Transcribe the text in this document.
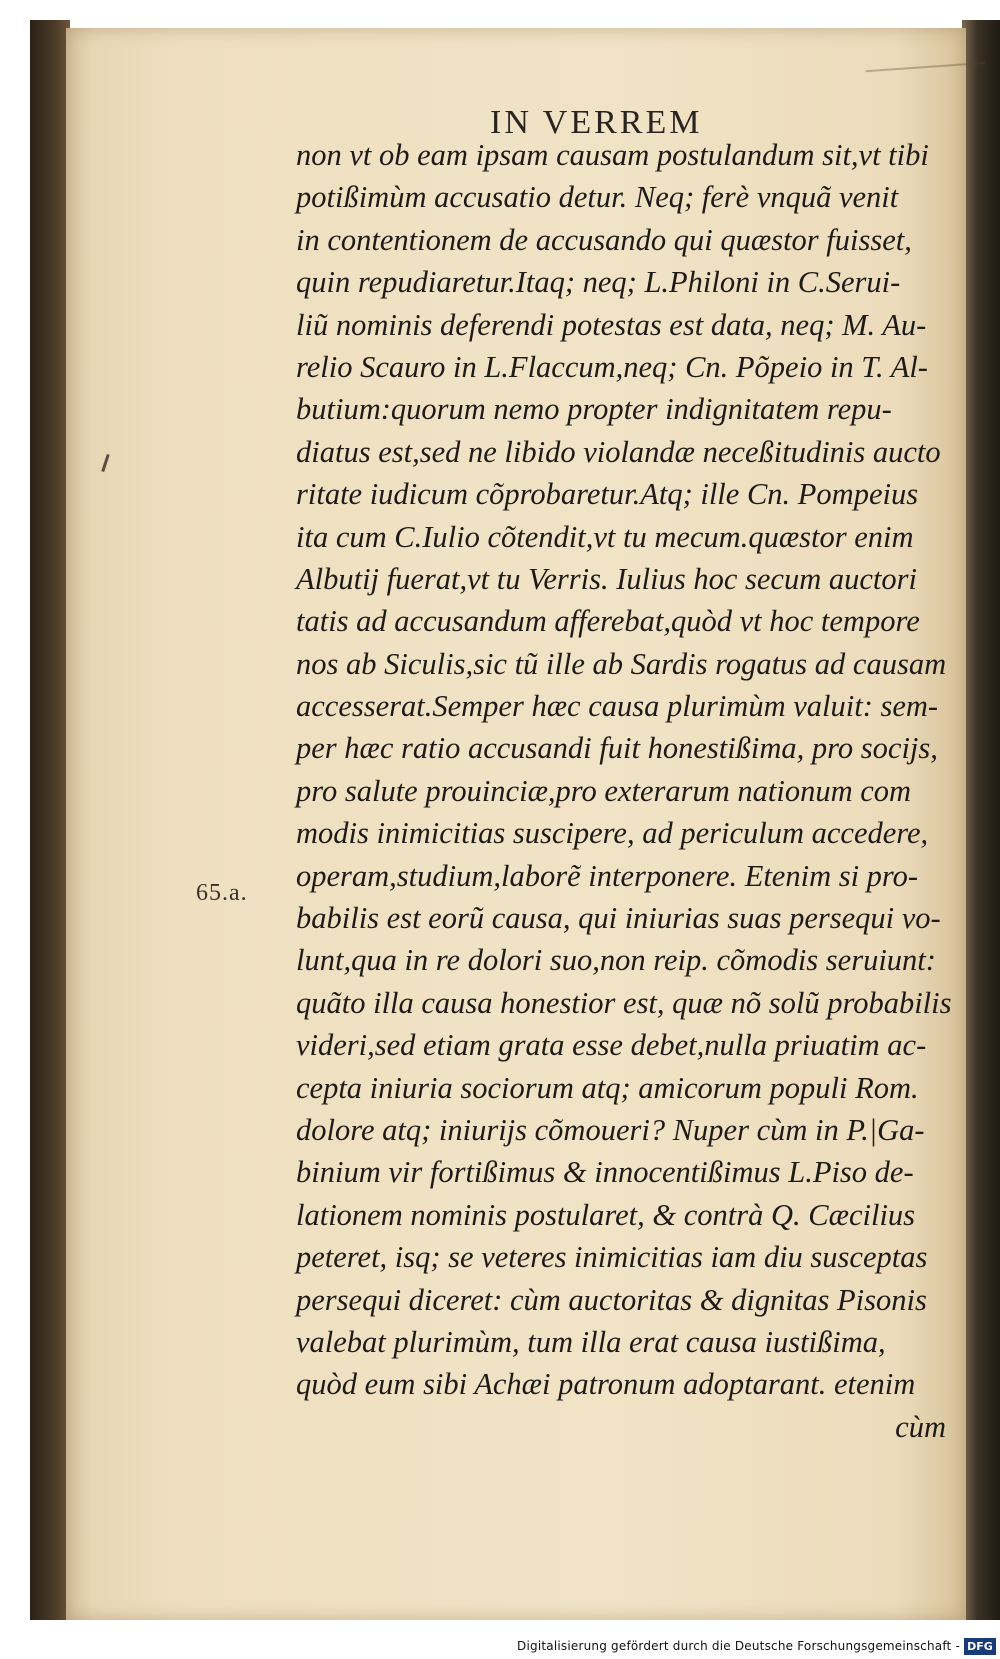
IN VERREM
65.a.
non vt ob eam ipsam causam postulandum sit,vt tibi
potißimùm accusatio detur. Neq; ferè vnquã venit
in contentionem de accusando qui quæstor fuisset,
quin repudiaretur.Itaq; neq; L.Philoni in C.Serui-
liũ nominis deferendi potestas est data, neq; M. Au-
relio Scauro in L.Flaccum,neq; Cn. Põpeio in T. Al-
butium:quorum nemo propter indignitatem repu-
diatus est,sed ne libido violandæ neceßitudinis aucto
ritate iudicum cõprobaretur.Atq; ille Cn. Pompeius
ita cum C.Iulio cõtendit,vt tu mecum.quæstor enim
Albutij fuerat,vt tu Verris. Iulius hoc secum auctori
tatis ad accusandum afferebat,quòd vt hoc tempore
nos ab Siculis,sic tũ ille ab Sardis rogatus ad causam
accesserat.Semper hæc causa plurimùm valuit: sem-
per hæc ratio accusandi fuit honestißima, pro socijs,
pro salute prouinciæ,pro exterarum nationum com
modis inimicitias suscipere, ad periculum accedere,
operam,studium,laborẽ interponere. Etenim si pro-
babilis est eorũ causa, qui iniurias suas persequi vo-
lunt,qua in re dolori suo,non reip. cõmodis seruiunt:
quãto illa causa honestior est, quæ nõ solũ probabilis
videri,sed etiam grata esse debet,nulla priuatim ac-
cepta iniuria sociorum atq; amicorum populi Rom.
dolore atq; iniurijs cõmoueri? Nuper cùm in P.|Ga-
binium vir fortißimus & innocentißimus L.Piso de-
lationem nominis postularet, & contrà Q. Cæcilius
peteret, isq; se veteres inimicitias iam diu susceptas
persequi diceret: cùm auctoritas & dignitas Pisonis
valebat plurimùm, tum illa erat causa iustißima,
quòd eum sibi Achæi patronum adoptarant. etenim
cùm
Digitalisierung gefördert durch die Deutsche Forschungsgemeinschaft - DFG
